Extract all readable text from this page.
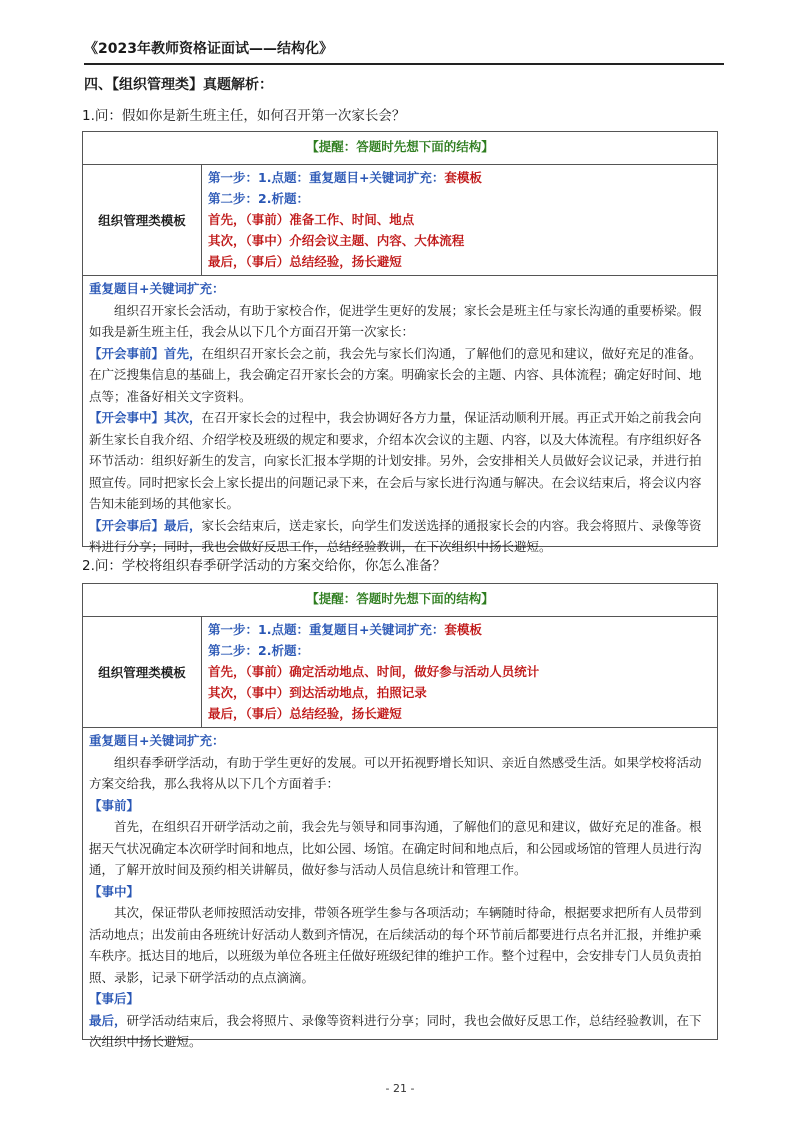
《2023年教师资格证面试——结构化》
四、【组织管理类】真题解析：
1.问：假如你是新生班主任，如何召开第一次家长会？
【提醒：答题时先想下面的结构】
组织管理类模板
第一步：1.点题：重复题目+关键词扩充：套模板
第二步：2.析题：
首先，（事前）准备工作、时间、地点
其次，（事中）介绍会议主题、内容、大体流程
最后，（事后）总结经验，扬长避短

重复题目+关键词扩充：

组织召开家长会活动，有助于家校合作，促进学生更好的发展；家长会是班主任与家长沟通的重要桥梁。假如我是新生班主任，我会从以下几个方面召开第一次家长：

【开会事前】首先，在组织召开家长会之前，我会先与家长们沟通，了解他们的意见和建议，做好充足的准备。在广泛搜集信息的基础上，我会确定召开家长会的方案。明确家长会的主题、内容、具体流程；确定好时间、地点等；准备好相关文字资料。

【开会事中】其次，在召开家长会的过程中，我会协调好各方力量，保证活动顺利开展。再正式开始之前我会向新生家长自我介绍、介绍学校及班级的规定和要求，介绍本次会议的主题、内容，以及大体流程。有序组织好各环节活动：组织好新生的发言，向家长汇报本学期的计划安排。另外，会安排相关人员做好会议记录，并进行拍照宣传。同时把家长会上家长提出的问题记录下来，在会后与家长进行沟通与解决。在会议结束后，将会议内容告知未能到场的其他家长。

【开会事后】最后，家长会结束后，送走家长，向学生们发送选择的通报家长会的内容。我会将照片、录像等资料进行分享；同时，我也会做好反思工作，总结经验教训，在下次组织中扬长避短。

2.问：学校将组织春季研学活动的方案交给你，你怎么准备？
【提醒：答题时先想下面的结构】
组织管理类模板
第一步：1.点题：重复题目+关键词扩充：套模板
第二步：2.析题：
首先，（事前）确定活动地点、时间，做好参与活动人员统计
其次，（事中）到达活动地点，拍照记录
最后，（事后）总结经验，扬长避短

重复题目+关键词扩充：

组织春季研学活动，有助于学生更好的发展。可以开拓视野增长知识、亲近自然感受生活。如果学校将活动方案交给我，那么我将从以下几个方面着手：

【事前】

首先，在组织召开研学活动之前，我会先与领导和同事沟通，了解他们的意见和建议，做好充足的准备。根据天气状况确定本次研学时间和地点，比如公园、场馆。在确定时间和地点后，和公园或场馆的管理人员进行沟通，了解开放时间及预约相关讲解员，做好参与活动人员信息统计和管理工作。

【事中】

其次，保证带队老师按照活动安排，带领各班学生参与各项活动；车辆随时待命，根据要求把所有人员带到活动地点；出发前由各班统计好活动人数到齐情况，在后续活动的每个环节前后都要进行点名并汇报，并维护乘车秩序。抵达目的地后，以班级为单位各班主任做好班级纪律的维护工作。整个过程中，会安排专门人员负责拍照、录影，记录下研学活动的点点滴滴。

【事后】

最后，研学活动结束后，我会将照片、录像等资料进行分享；同时，我也会做好反思工作，总结经验教训，在下次组织中扬长避短。

- 21 -
